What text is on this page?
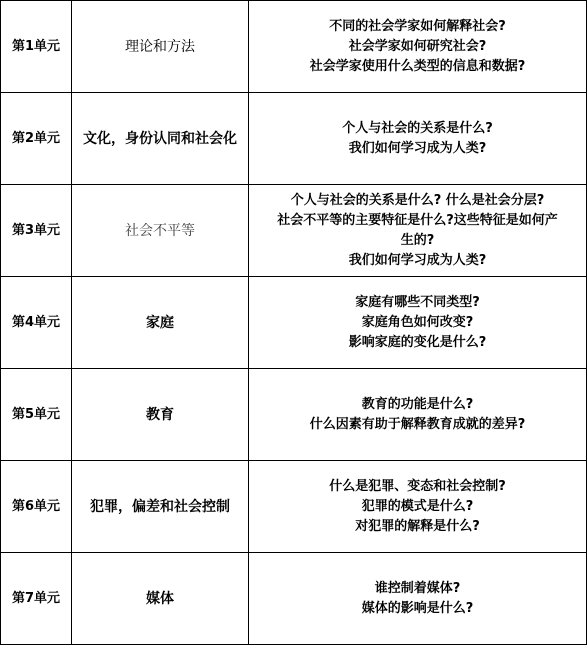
第1单元	理论和方法	不同的社会学家如何解释社会?
社会学家如何研究社会?
社会学家使用什么类型的信息和数据?

第2单元	文化，身份认同和社会化	个人与社会的关系是什么?
我们如何学习成为人类?

第3单元	社会不平等	个人与社会的关系是什么? 什么是社会分层?
社会不平等的主要特征是什么?这些特征是如何产
生的?
我们如何学习成为人类?

第4单元	家庭	家庭有哪些不同类型?
家庭角色如何改变?
影响家庭的变化是什么?

第5单元	教育	教育的功能是什么?
什么因素有助于解释教育成就的差异?

第6单元	犯罪，偏差和社会控制	什么是犯罪、变态和社会控制?
犯罪的模式是什么?
对犯罪的解释是什么?

第7单元	媒体	谁控制着媒体?
媒体的影响是什么?
